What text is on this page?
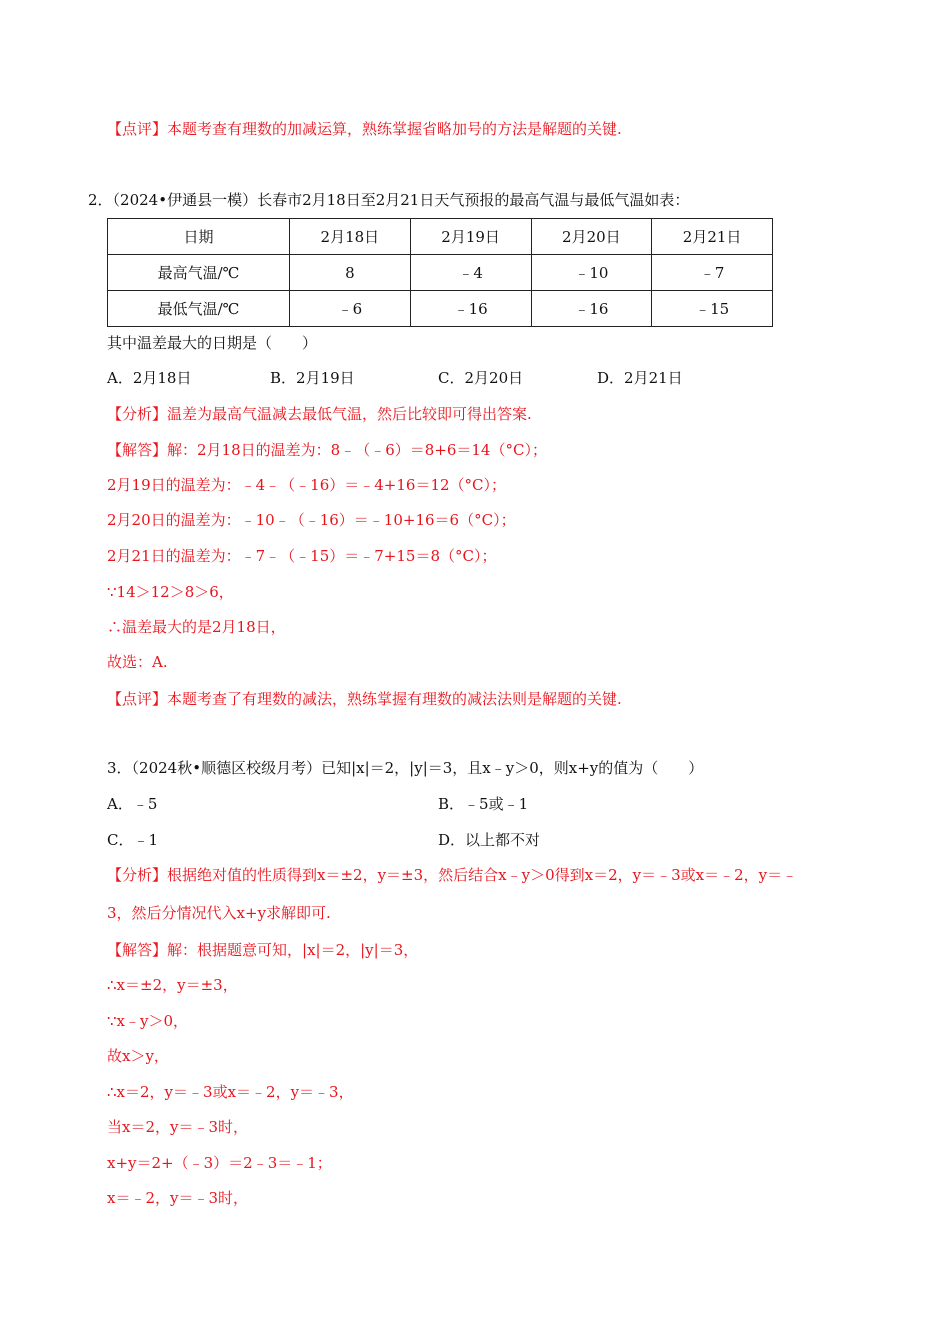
【点评】本题考查有理数的加减运算，熟练掌握省略加号的方法是解题的关键.
2．（2024•伊通县一模）长春市2月18日至2月21日天气预报的最高气温与最低气温如表：
日期	2月18日	2月19日	2月20日	2月21日
最高气温/℃	8	﹣4	﹣10	﹣7
最低气温/℃	﹣6	﹣16	﹣16	﹣15
其中温差最大的日期是（　　）
A．2月18日	B．2月19日	C．2月20日	D．2月21日
【分析】温差为最高气温减去最低气温，然后比较即可得出答案.
【解答】解：2月18日的温差为：8﹣（﹣6）＝8+6＝14（°C）；
2月19日的温差为：﹣4﹣（﹣16）＝﹣4+16＝12（°C）；
2月20日的温差为：﹣10﹣（﹣16）＝﹣10+16＝6（°C）；
2月21日的温差为：﹣7﹣（﹣15）＝﹣7+15＝8（°C）；
∵14＞12＞8＞6，
∴温差最大的是2月18日，
故选：A.
【点评】本题考查了有理数的减法，熟练掌握有理数的减法法则是解题的关键.
3．（2024秋•顺德区校级月考）已知|x|＝2，|y|＝3，且x﹣y＞0，则x+y的值为（　　）
A．﹣5	B．﹣5或﹣1
C．﹣1	D．以上都不对
【分析】根据绝对值的性质得到x＝±2，y＝±3，然后结合x﹣y＞0得到x＝2，y＝﹣3或x＝﹣2，y＝﹣
3，然后分情况代入x+y求解即可.
【解答】解：根据题意可知，|x|＝2，|y|＝3，
∴x＝±2，y＝±3，
∵x﹣y＞0，
故x＞y，
∴x＝2，y＝﹣3或x＝﹣2，y＝﹣3，
当x＝2，y＝﹣3时，
x+y＝2+（﹣3）＝2﹣3＝﹣1；
x＝﹣2，y＝﹣3时，
